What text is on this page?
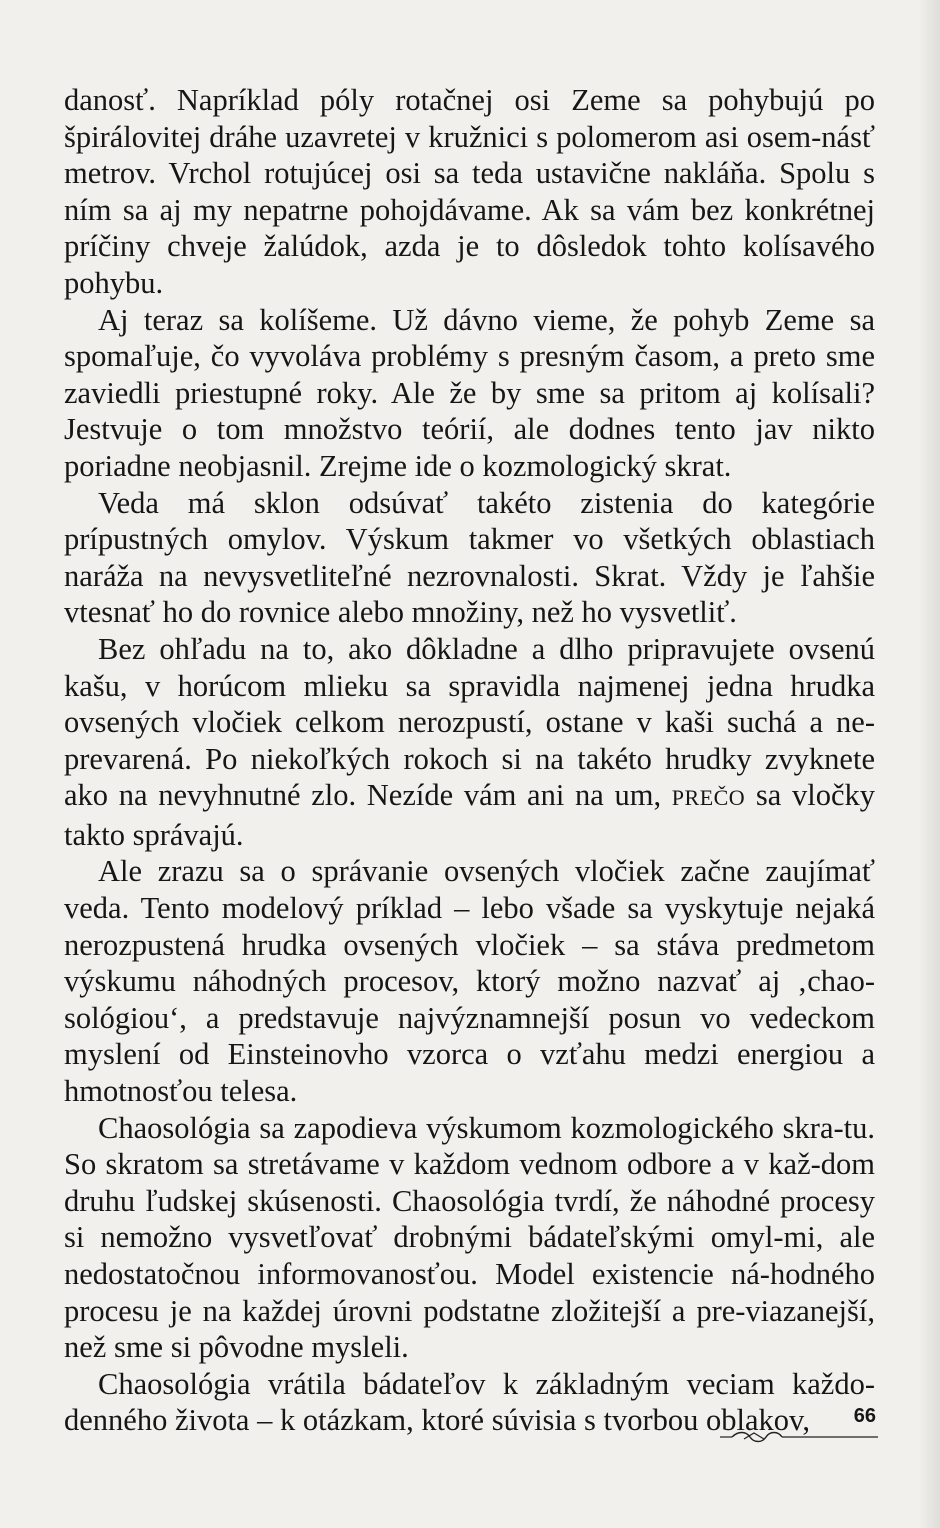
danosť. Napríklad póly rotačnej osi Zeme sa pohybujú po špirálovitej dráhe uzavretej v kružnici s polomerom asi osem-násť metrov. Vrchol rotujúcej osi sa teda ustavične nakláňa. Spolu s ním sa aj my nepatrne pohojdávame. Ak sa vám bez konkrétnej príčiny chveje žalúdok, azda je to dôsledok tohto kolísavého pohybu.

Aj teraz sa kolíšeme. Už dávno vieme, že pohyb Zeme sa spomaľuje, čo vyvoláva problémy s presným časom, a preto sme zaviedli priestupné roky. Ale že by sme sa pritom aj kolísali? Jestvuje o tom množstvo teórií, ale dodnes tento jav nikto poriadne neobjasnil. Zrejme ide o kozmologický skrat.

Veda má sklon odsúvať takéto zistenia do kategórie prípustných omylov. Výskum takmer vo všetkých oblastiach naráža na nevysvetliteľné nezrovnalosti. Skrat. Vždy je ľahšie vtesnať ho do rovnice alebo množiny, než ho vysvetliť.

Bez ohľadu na to, ako dôkladne a dlho pripravujete ovsenú kašu, v horúcom mlieku sa spravidla najmenej jedna hrudka ovsených vločiek celkom nerozpustí, ostane v kaši suchá a ne-prevarená. Po niekoľkých rokoch si na takéto hrudky zvyknete ako na nevyhnutné zlo. Nezíde vám ani na um, PREČO sa vločky takto správajú.

Ale zrazu sa o správanie ovsených vločiek začne zaujímať veda. Tento modelový príklad – lebo všade sa vyskytuje nejaká nerozpustená hrudka ovsených vločiek – sa stáva predmetom výskumu náhodných procesov, ktorý možno nazvať aj ‚chao-sológiou‘, a predstavuje najvýznamnejší posun vo vedeckom myslení od Einsteinovho vzorca o vzťahu medzi energiou a hmotnosťou telesa.

Chaosológia sa zapodieva výskumom kozmologického skra-tu. So skratom sa stretávame v každom vednom odbore a v kaž-dom druhu ľudskej skúsenosti. Chaosológia tvrdí, že náhodné procesy si nemožno vysvetľovať drobnými bádateľskými omyl-mi, ale nedostatočnou informovanosťou. Model existencie ná-hodného procesu je na každej úrovni podstatne zložitejší a pre-viazanejší, než sme si pôvodne mysleli.

Chaosológia vrátila bádateľov k základným veciam každo-denného života – k otázkam, ktoré súvisia s tvorbou oblakov,	66
